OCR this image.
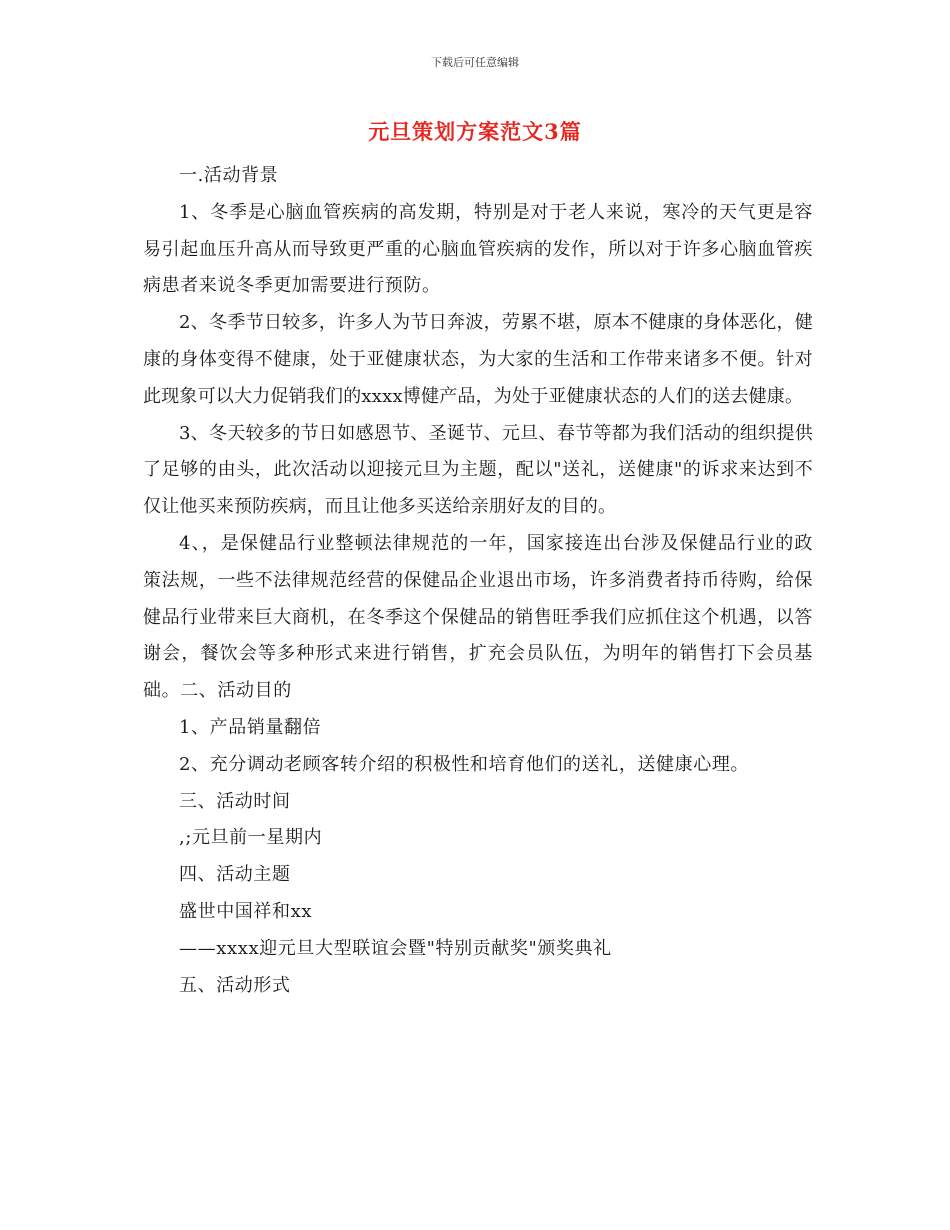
下载后可任意编辑
元旦策划方案范文3篇

一.活动背景

1、冬季是心脑血管疾病的高发期，特别是对于老人来说，寒冷的天气更是容易引起血压升高从而导致更严重的心脑血管疾病的发作，所以对于许多心脑血管疾病患者来说冬季更加需要进行预防。

2、冬季节日较多，许多人为节日奔波，劳累不堪，原本不健康的身体恶化，健康的身体变得不健康，处于亚健康状态，为大家的生活和工作带来诸多不便。针对此现象可以大力促销我们的xxxx博健产品，为处于亚健康状态的人们的送去健康。

3、冬天较多的节日如感恩节、圣诞节、元旦、春节等都为我们活动的组织提供了足够的由头，此次活动以迎接元旦为主题，配以"送礼，送健康"的诉求来达到不仅让他买来预防疾病，而且让他多买送给亲朋好友的目的。

4、，是保健品行业整顿法律规范的一年，国家接连出台涉及保健品行业的政策法规，一些不法律规范经营的保健品企业退出市场，许多消费者持币待购，给保健品行业带来巨大商机，在冬季这个保健品的销售旺季我们应抓住这个机遇，以答谢会，餐饮会等多种形式来进行销售，扩充会员队伍，为明年的销售打下会员基础。二、活动目的

1、产品销量翻倍

2、充分调动老顾客转介绍的积极性和培育他们的送礼，送健康心理。

三、活动时间

,;元旦前一星期内

四、活动主题

盛世中国祥和xx

——xxxx迎元旦大型联谊会暨"特别贡献奖"颁奖典礼

五、活动形式
